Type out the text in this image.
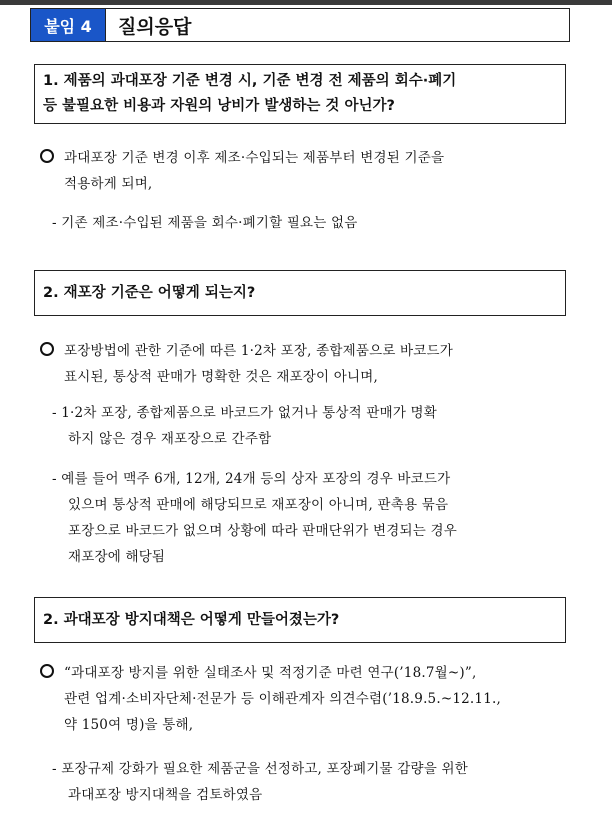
붙임 4	질의응답
1. 제품의 과대포장 기준 변경 시, 기준 변경 전 제품의 회수·폐기
등 불필요한 비용과 자원의 낭비가 발생하는 것 아닌가?
과대포장 기준 변경 이후 제조·수입되는 제품부터 변경된 기준을
적용하게 되며,
- 기존 제조·수입된 제품을 회수·폐기할 필요는 없음
2. 재포장 기준은 어떻게 되는지?
포장방법에 관한 기준에 따른 1·2차 포장, 종합제품으로 바코드가
표시된, 통상적 판매가 명확한 것은 재포장이 아니며,
- 1·2차 포장, 종합제품으로 바코드가 없거나 통상적 판매가 명확
하지 않은 경우 재포장으로 간주함
- 예를 들어 맥주 6개, 12개, 24개 등의 상자 포장의 경우 바코드가
있으며 통상적 판매에 해당되므로 재포장이 아니며, 판촉용 묶음
포장으로 바코드가 없으며 상황에 따라 판매단위가 변경되는 경우
재포장에 해당됨
2. 과대포장 방지대책은 어떻게 만들어졌는가?
“과대포장 방지를 위한 실태조사 및 적정기준 마련 연구(’18.7월~)”,
관련 업계·소비자단체·전문가 등 이해관계자 의견수렴(’18.9.5.~12.11.,
약 150여 명)을 통해,
- 포장규제 강화가 필요한 제품군을 선정하고, 포장폐기물 감량을 위한
과대포장 방지대책을 검토하였음
